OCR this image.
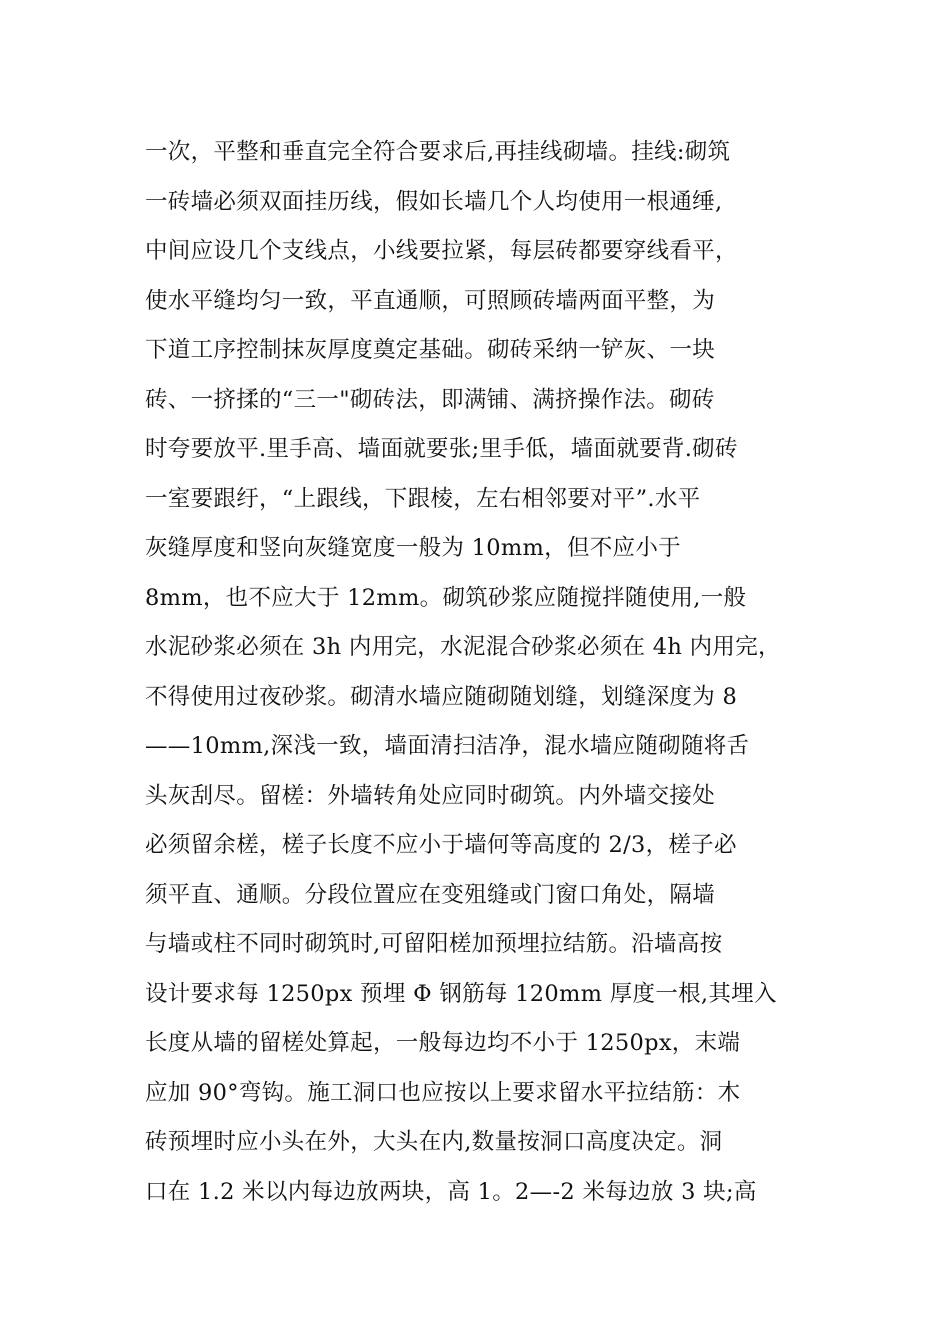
一次，平整和垂直完全符合要求后,再挂线砌墙。挂线:砌筑
一砖墙必须双面挂历线，假如长墙几个人均使用一根通缍,
中间应设几个支线点，小线要拉紧，每层砖都要穿线看平，
使水平缝均匀一致，平直通顺，可照顾砖墙两面平整，为
下道工序控制抹灰厚度奠定基础。砌砖采纳一铲灰、一块
砖、一挤揉的“三一"砌砖法，即满铺、满挤操作法。砌砖
时夸要放平.里手高、墙面就要张;里手低，墙面就要背.砌砖
一室要跟纡，“上跟线，下跟棱，左右相邻要对平”.水平
灰缝厚度和竖向灰缝宽度一般为 10mm，但不应小于
8mm，也不应大于 12mm。砌筑砂浆应随搅拌随使用,一般
水泥砂浆必须在 3h 内用完，水泥混合砂浆必须在 4h 内用完，
不得使用过夜砂浆。砌清水墙应随砌随划缝，划缝深度为 8
——10mm,深浅一致，墙面清扫洁净，混水墙应随砌随将舌
头灰刮尽。留槎：外墙转角处应同时砌筑。内外墙交接处
必须留余槎，槎子长度不应小于墙何等高度的 2/3，槎子必
须平直、通顺。分段位置应在变殂缝或门窗口角处，隔墙
与墙或柱不同时砌筑时,可留阳槎加预埋拉结筋。沿墙高按
设计要求每 1250px 预埋 Φ 钢筋每 120mm 厚度一根,其埋入
长度从墙的留槎处算起，一般每边均不小于 1250px，末端
应加 90°弯钩。施工洞口也应按以上要求留水平拉结筋：木
砖预埋时应小头在外，大头在内,数量按洞口高度决定。洞
口在 1.2 米以内每边放两块，高 1。2—-2 米每边放 3 块;高
